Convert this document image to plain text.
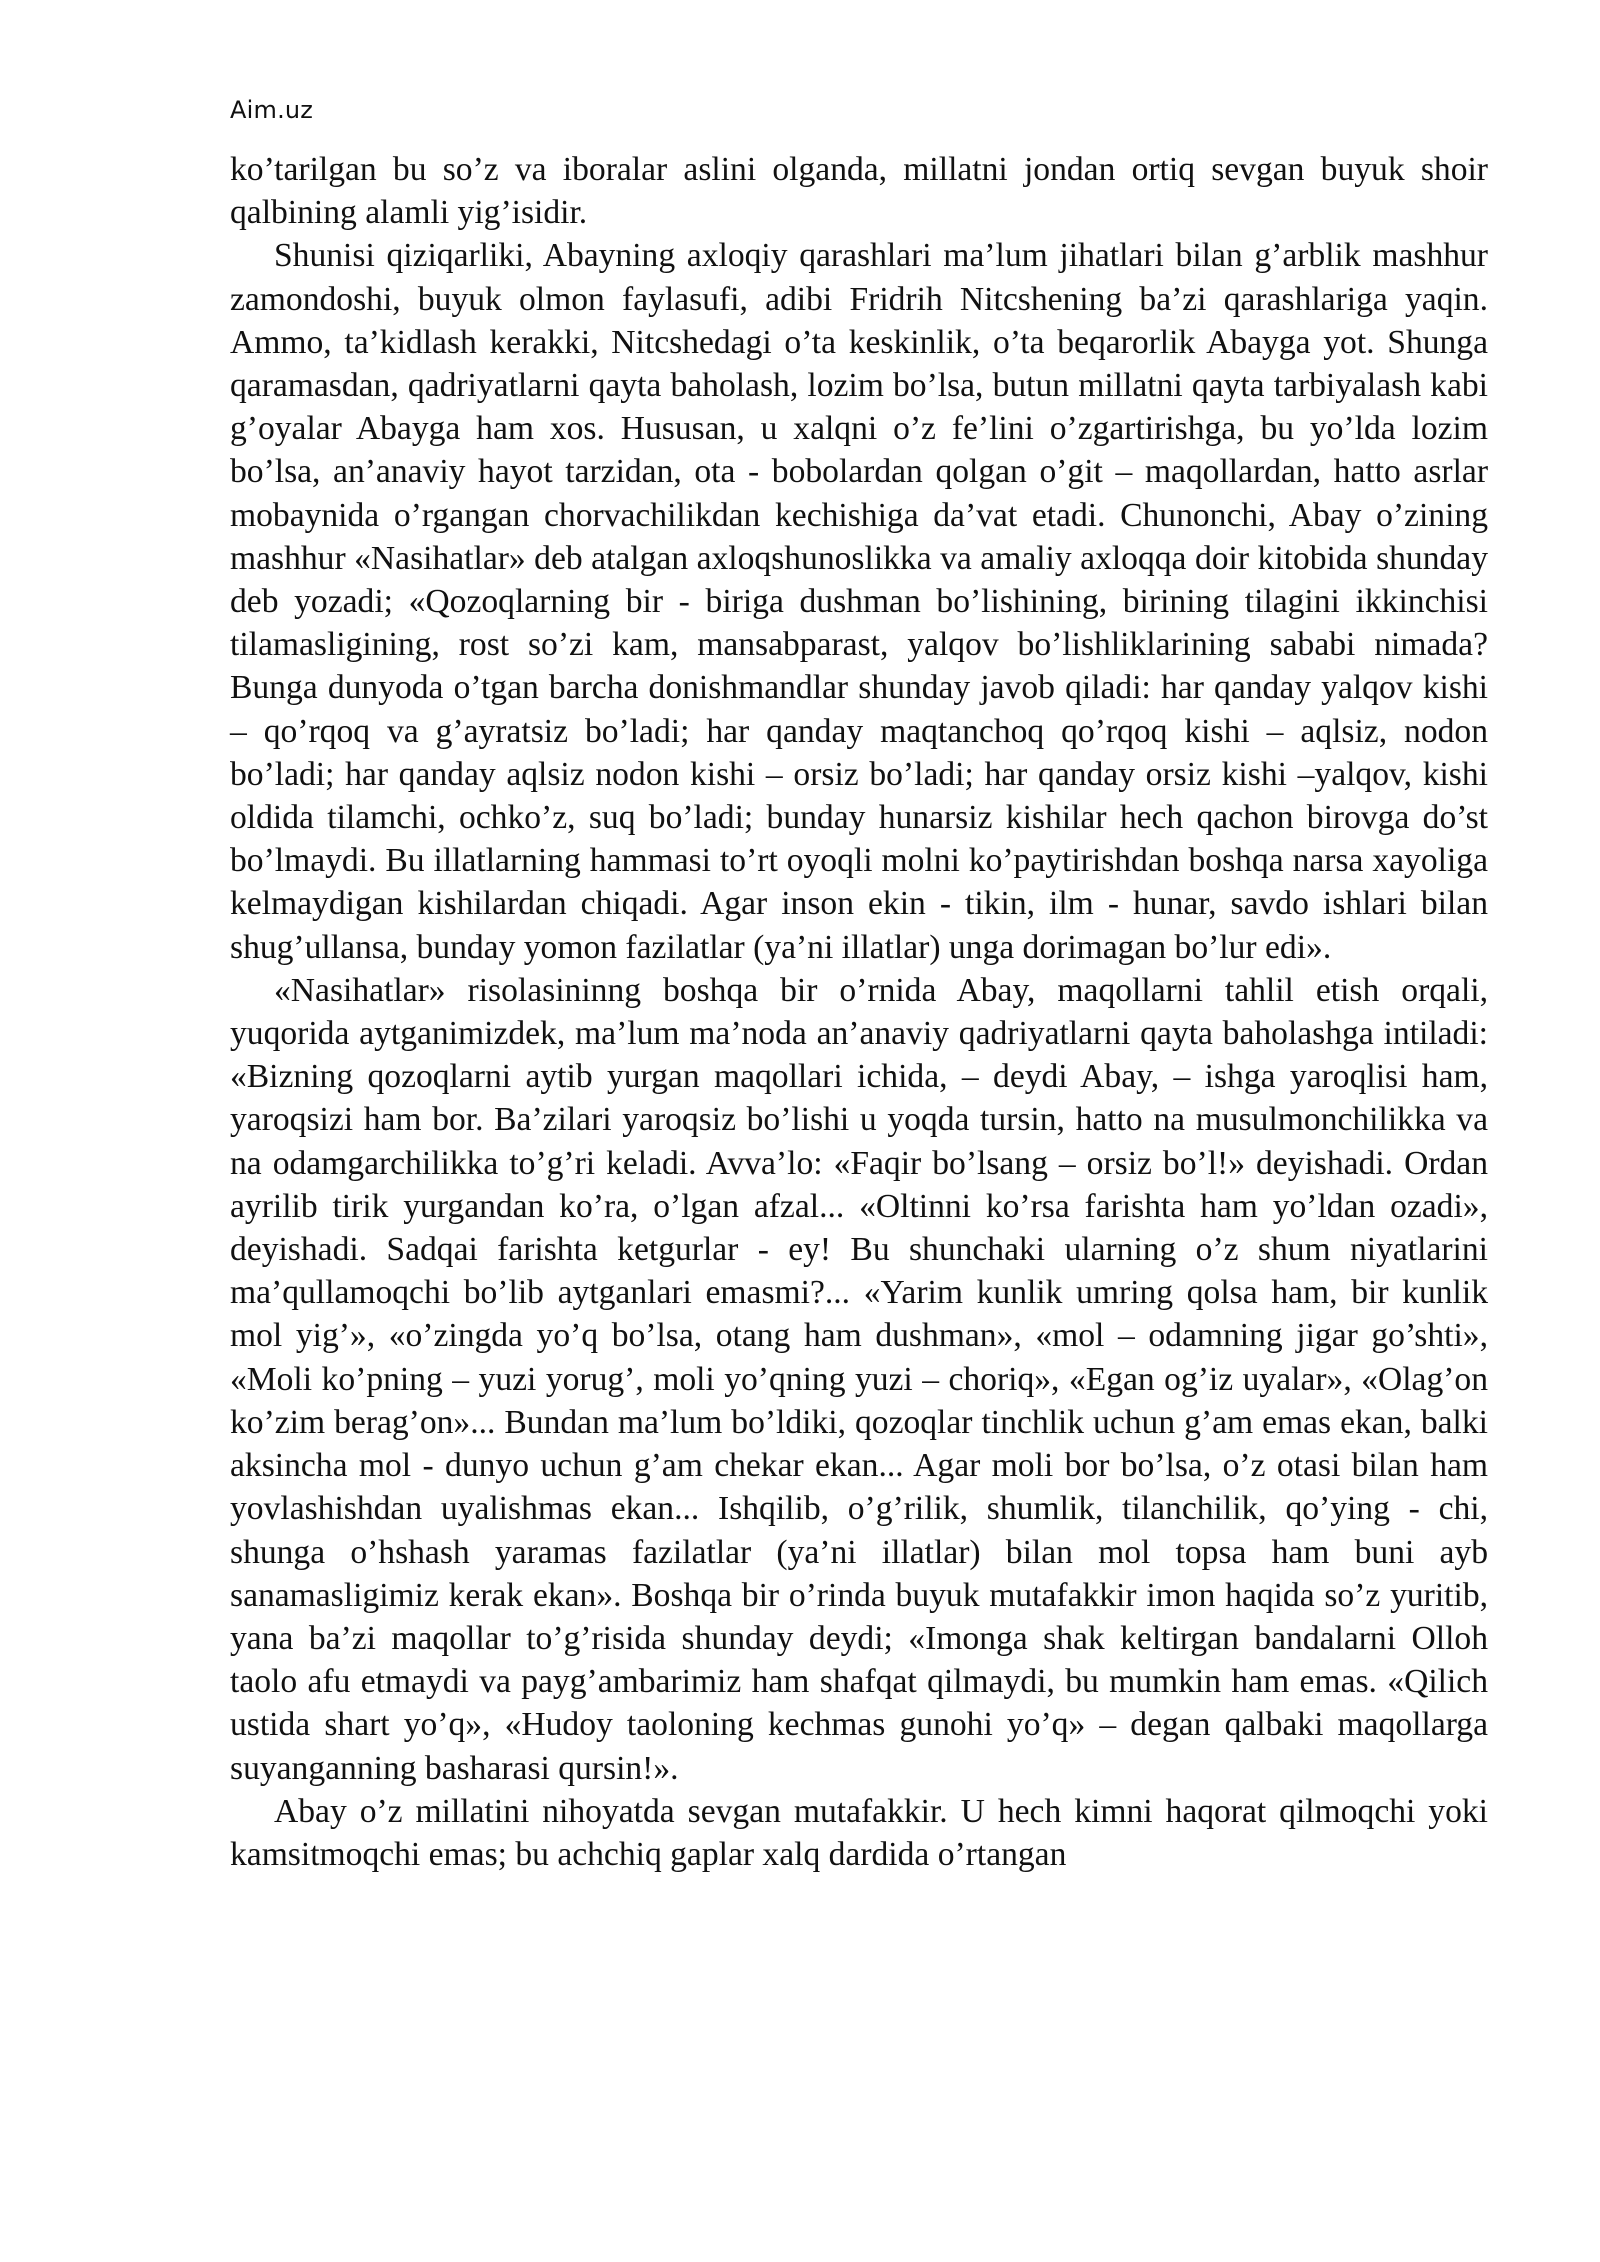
Aim.uz

ko’tarilgan bu so’z va iboralar aslini olganda, millatni jondan ortiq sevgan buyuk shoir qalbining alamli yig’isidir.

Shunisi qiziqarliki, Abayning axloqiy qarashlari ma’lum jihatlari bilan g’arblik mashhur zamondoshi, buyuk olmon faylasufi, adibi Fridrih Nitcshening ba’zi qarashlariga yaqin. Ammo, ta’kidlash kerakki, Nitcshedagi o’ta keskinlik, o’ta beqarorlik Abayga yot. Shunga qaramasdan, qadriyatlarni qayta baholash, lozim bo’lsa, butun millatni qayta tarbiyalash kabi g’oyalar Abayga ham xos. Hususan, u xalqni o’z fe’lini o’zgartirishga, bu yo’lda lozim bo’lsa, an’anaviy hayot tarzidan, ota - bobolardan qolgan o’git – maqollardan, hatto asrlar mobaynida o’rgangan chorvachilikdan kechishiga da’vat etadi. Chunonchi, Abay o’zining mashhur «Nasihatlar» deb atalgan axloqshunoslikka va amaliy axloqqa doir kitobida shunday deb yozadi; «Qozoqlarning bir - biriga dushman bo’lishining, birining tilagini ikkinchisi tilamasligining, rost so’zi kam, mansabparast, yalqov bo’lishliklarining sababi nimada? Bunga dunyoda o’tgan barcha donishmandlar shunday javob qiladi: har qanday yalqov kishi – qo’rqoq va g’ayratsiz bo’ladi; har qanday maqtanchoq qo’rqoq kishi – aqlsiz, nodon bo’ladi; har qanday aqlsiz nodon kishi – orsiz bo’ladi; har qanday orsiz kishi –yalqov, kishi oldida tilamchi, ochko’z, suq bo’ladi; bunday hunarsiz kishilar hech qachon birovga do’st bo’lmaydi. Bu illatlarning hammasi to’rt oyoqli molni ko’paytirishdan boshqa narsa xayoliga kelmaydigan kishilardan chiqadi. Agar inson ekin - tikin, ilm - hunar, savdo ishlari bilan shug’ullansa, bunday yomon fazilatlar (ya’ni illatlar) unga dorimagan bo’lur edi».

«Nasihatlar» risolasininng boshqa bir o’rnida Abay, maqollarni tahlil etish orqali, yuqorida aytganimizdek, ma’lum ma’noda an’anaviy qadriyatlarni qayta baholashga intiladi: «Bizning qozoqlarni aytib yurgan maqollari ichida, – deydi Abay, – ishga yaroqlisi ham, yaroqsizi ham bor. Ba’zilari yaroqsiz bo’lishi u yoqda tursin, hatto na musulmonchilikka va na odamgarchilikka to’g’ri keladi. Avva’lo: «Faqir bo’lsang – orsiz bo’l!» deyishadi. Ordan ayrilib tirik yurgandan ko’ra, o’lgan afzal... «Oltinni ko’rsa farishta ham yo’ldan ozadi», deyishadi. Sadqai farishta ketgurlar - ey! Bu shunchaki ularning o’z shum niyatlarini ma’qullamoqchi bo’lib aytganlari emasmi?... «Yarim kunlik umring qolsa ham, bir kunlik mol yig’», «o’zingda yo’q bo’lsa, otang ham dushman», «mol – odamning jigar go’shti», «Moli ko’pning – yuzi yorug’, moli yo’qning yuzi – choriq», «Egan og’iz uyalar», «Olag’on ko’zim berag’on»... Bundan ma’lum bo’ldiki, qozoqlar tinchlik uchun g’am emas ekan, balki aksincha mol - dunyo uchun g’am chekar ekan... Agar moli bor bo’lsa, o’z otasi bilan ham yovlashishdan uyalishmas ekan... Ishqilib, o’g’rilik, shumlik, tilanchilik, qo’ying - chi, shunga o’hshash yaramas fazilatlar (ya’ni illatlar) bilan mol topsa ham buni ayb sanamasligimiz kerak ekan». Boshqa bir o’rinda buyuk mutafakkir imon haqida so’z yuritib, yana ba’zi maqollar to’g’risida shunday deydi; «Imonga shak keltirgan bandalarni Olloh taolo afu etmaydi va payg’ambarimiz ham shafqat qilmaydi, bu mumkin ham emas. «Qilich ustida shart yo’q», «Hudoy taoloning kechmas gunohi yo’q» – degan qalbaki maqollarga suyanganning basharasi qursin!».

Abay o’z millatini nihoyatda sevgan mutafakkir. U hech kimni haqorat qilmoqchi yoki kamsitmoqchi emas; bu achchiq gaplar xalq dardida o’rtangan
